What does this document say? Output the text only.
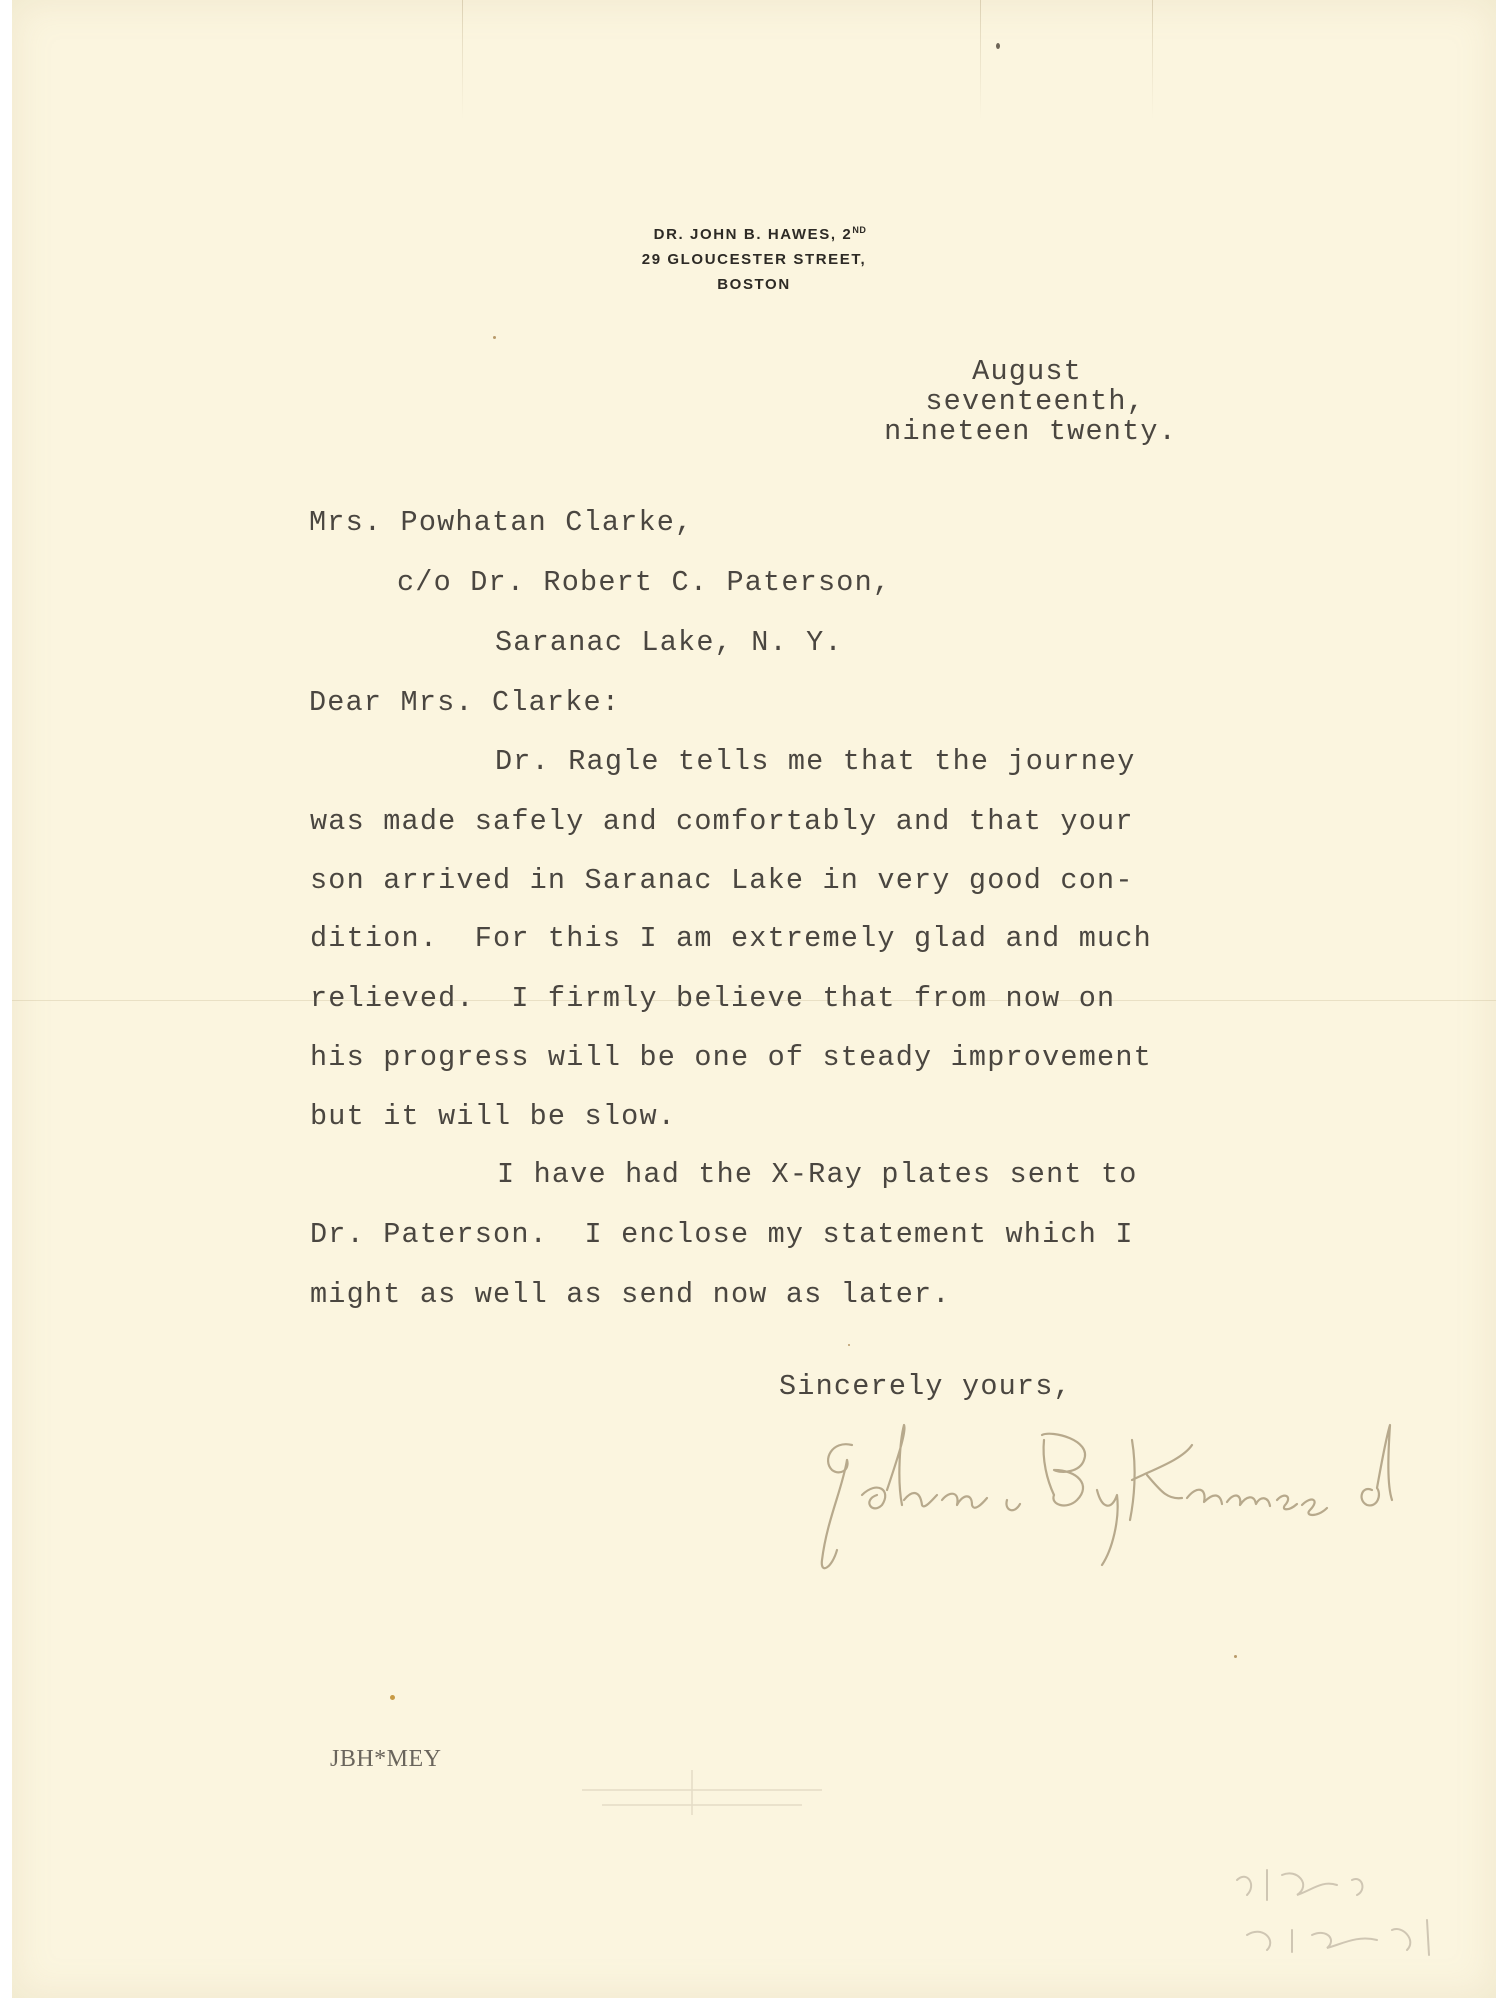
DR. JOHN B. HAWES, 2ND
29 GLOUCESTER STREET,
BOSTON
August
seventeenth,
nineteen twenty.
Mrs. Powhatan Clarke,
c/o Dr. Robert C. Paterson,
Saranac Lake, N. Y.
Dear Mrs. Clarke:
Dr. Ragle tells me that the journey
was made safely and comfortably and that your
son arrived in Saranac Lake in very good con-
dition.  For this I am extremely glad and much
relieved.  I firmly believe that from now on
his progress will be one of steady improvement
but it will be slow.
I have had the X-Ray plates sent to
Dr. Paterson.  I enclose my statement which I
might as well as send now as later.
Sincerely yours,
JBH*MEY
